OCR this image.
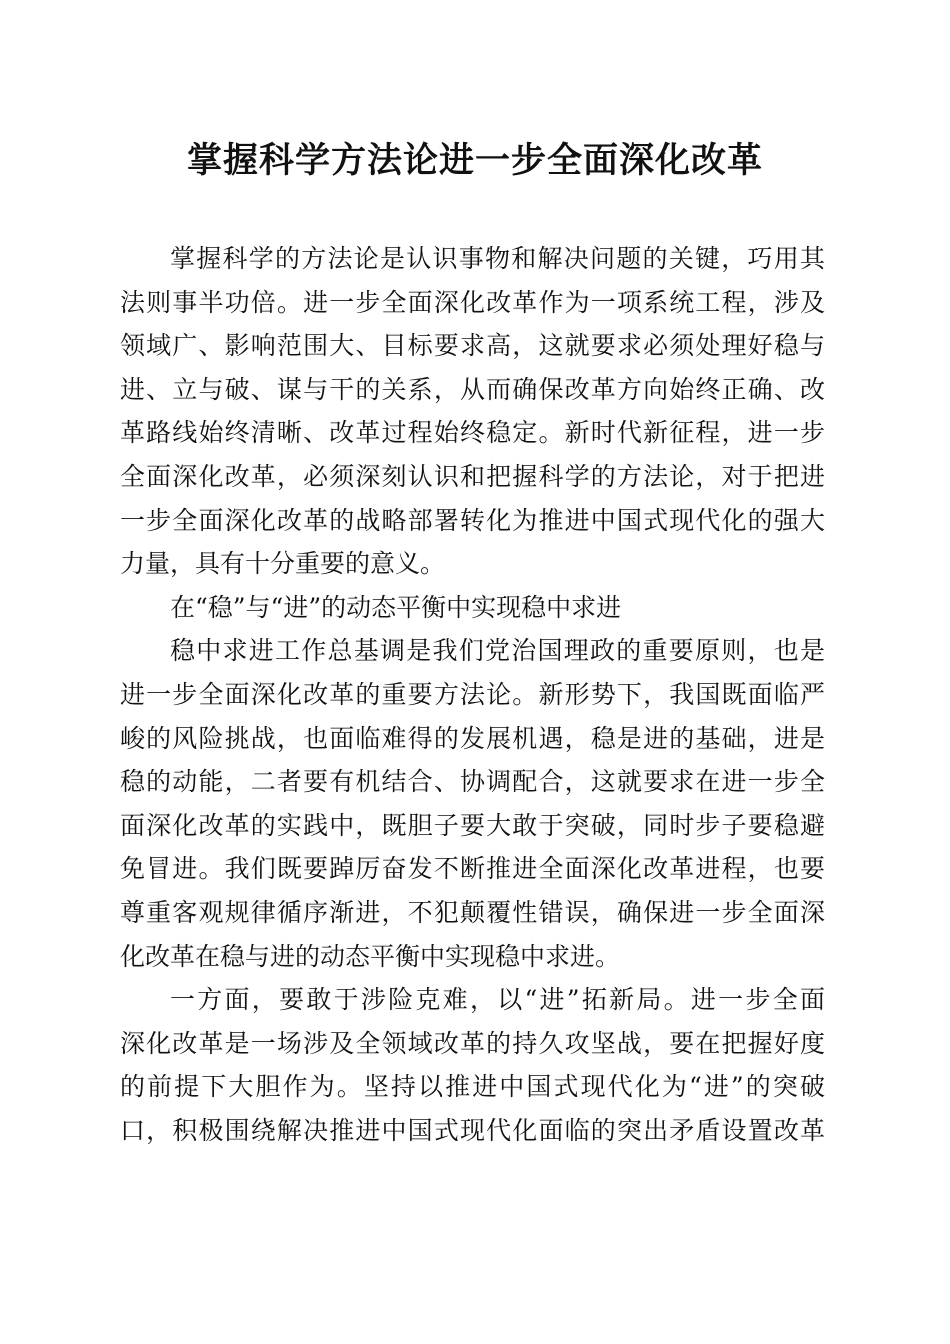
掌握科学方法论进一步全面深化改革
掌握科学的方法论是认识事物和解决问题的关键，巧用其
法则事半功倍。进一步全面深化改革作为一项系统工程，涉及
领域广、影响范围大、目标要求高，这就要求必须处理好稳与
进、立与破、谋与干的关系，从而确保改革方向始终正确、改
革路线始终清晰、改革过程始终稳定。新时代新征程，进一步
全面深化改革，必须深刻认识和把握科学的方法论，对于把进
一步全面深化改革的战略部署转化为推进中国式现代化的强大
力量，具有十分重要的意义。
在“稳”与“进”的动态平衡中实现稳中求进
稳中求进工作总基调是我们党治国理政的重要原则，也是
进一步全面深化改革的重要方法论。新形势下，我国既面临严
峻的风险挑战，也面临难得的发展机遇，稳是进的基础，进是
稳的动能，二者要有机结合、协调配合，这就要求在进一步全
面深化改革的实践中，既胆子要大敢于突破，同时步子要稳避
免冒进。我们既要踔厉奋发不断推进全面深化改革进程，也要
尊重客观规律循序渐进，不犯颠覆性错误，确保进一步全面深
化改革在稳与进的动态平衡中实现稳中求进。
一方面，要敢于涉险克难，以“进”拓新局。进一步全面
深化改革是一场涉及全领域改革的持久攻坚战，要在把握好度
的前提下大胆作为。坚持以推进中国式现代化为“进”的突破
口，积极围绕解决推进中国式现代化面临的突出矛盾设置改革
